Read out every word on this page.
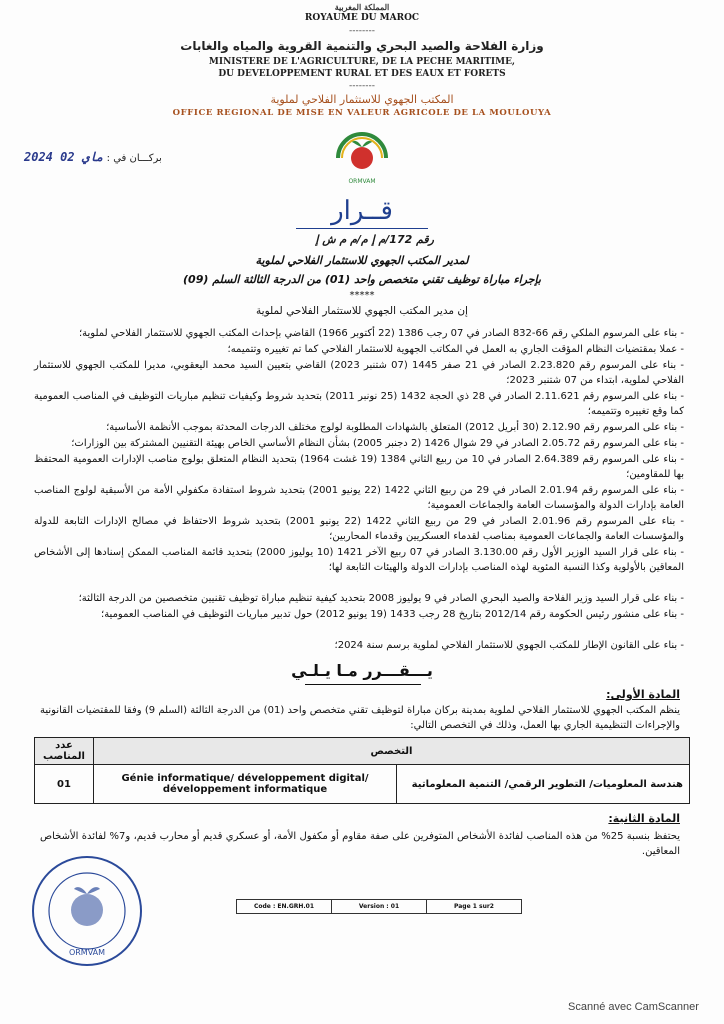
المملكة المغربية
ROYAUME DU MAROC
--------
وزارة الفلاحة والصيد البحري والتنمية القروية والمياه والغابات
MINISTERE DE L'AGRICULTURE, DE LA PECHE MARITIME,
DU DEVELOPPEMENT RURAL ET DES EAUX ET FORETS
--------
المكتب الجهوي للاستثمار الفلاحي لملوية
OFFICE REGIONAL DE MISE EN VALEUR AGRICOLE DE LA MOULOUYA
ORMVAM
2024 ماي 02 بركـــان في :
قــرار
رقم 172/م إ م/م م ش إ
لمدير المكتب الجهوي للاستثمار الفلاحي لملوية
بإجراء مباراة توظيف تقني متخصص واحد (01) من الدرجة الثالثة السلم (09)
*****
إن مدير المكتب الجهوي للاستثمار الفلاحي لملوية
- بناء على المرسوم الملكي رقم 66-832 الصادر في 07 رجب 1386 (22 أكتوبر 1966) القاضي بإحداث المكتب الجهوي للاستثمار الفلاحي لملوية؛
- عملا بمقتضيات النظام المؤقت الجاري به العمل في المكاتب الجهوية للاستثمار الفلاحي كما تم تغييره وتتميمه؛
- بناء على المرسوم رقم 2.23.820 الصادر في 21 صفر 1445 (07 شتنبر 2023) القاضي بتعيين السيد محمد اليعقوبي، مديرا للمكتب الجهوي للاستثمار الفلاحي لملوية، ابتداء من 07 شتنبر 2023؛
- بناء على المرسوم رقم 2.11.621 الصادر في 28 ذي الحجة 1432 (25 نونبر 2011) بتحديد شروط وكيفيات تنظيم مباريات التوظيف في المناصب العمومية كما وقع تغييره وتتميمه؛
- بناء على المرسوم رقم 2.12.90 (30 أبريل 2012) المتعلق بالشهادات المطلوبة لولوج مختلف الدرجات المحدثة بموجب الأنظمة الأساسية؛
- بناء على المرسوم رقم 2.05.72 الصادر في 29 شوال 1426 (2 دجنبر 2005) بشأن النظام الأساسي الخاص بهيئة التقنيين المشتركة بين الوزارات؛
- بناء على المرسوم رقم 2.64.389 الصادر في 10 من ربيع الثاني 1384 (19 غشت 1964) بتحديد النظام المتعلق بولوج مناصب الإدارات العمومية المحتفظ بها للمقاومين؛
- بناء على المرسوم رقم 2.01.94 الصادر في 29 من ربيع الثاني 1422 (22 يونيو 2001) بتحديد شروط استفادة مكفولي الأمة من الأسبقية لولوج المناصب العامة بإدارات الدولة والمؤسسات العامة والجماعات العمومية؛
- بناء على المرسوم رقم 2.01.96 الصادر في 29 من ربيع الثاني 1422 (22 يونيو 2001) بتحديد شروط الاحتفاظ في مصالح الإدارات التابعة للدولة والمؤسسات العامة والجماعات العمومية بمناصب لقدماء العسكريين وقدماء المحاربين؛
- بناء على قرار السيد الوزير الأول رقم 3.130.00 الصادر في 07 ربيع الآخر 1421 (10 يوليوز 2000) بتحديد قائمة المناصب الممكن إسنادها إلى الأشخاص المعاقين بالأولوية وكذا النسبة المئوية لهذه المناصب بإدارات الدولة والهيئات التابعة لها؛
- بناء على قرار السيد وزير الفلاحة والصيد البحري الصادر في 9 يوليوز 2008 بتحديد كيفية تنظيم مباراة توظيف تقنيين متخصصين من الدرجة الثالثة؛
- بناء على منشور رئيس الحكومة رقم 2012/14 بتاريخ 28 رجب 1433 (19 يونيو 2012) حول تدبير مباريات التوظيف في المناصب العمومية؛
- بناء على القانون الإطار للمكتب الجهوي للاستثمار الفلاحي لملوية برسم سنة 2024؛
يـــقـــرر مـا يـلـي
المادة الأولى:
ينظم المكتب الجهوي للاستثمار الفلاحي لملوية بمدينة بركان مباراة لتوظيف تقني متخصص واحد (01) من الدرجة الثالثة (السلم 9) وفقا للمقتضيات القانونية والإجراءات التنظيمية الجاري بها العمل، وذلك في التخصص التالي:
عدد المناصب	التخصص	
01	Génie informatique/ développement digital/ développement informatique	هندسة المعلوميات/ التطوير الرقمي/ التنمية المعلوماتية
المادة الثانية:
يحتفظ بنسبة 25% من هذه المناصب لفائدة الأشخاص المتوفرين على صفة مقاوم أو مكفول الأمة، أو عسكري قديم أو محارب قديم، و7% لفائدة الأشخاص المعاقين.
ORMVAM
Code : EN.GRH.01	Version : 01	Page 1 sur2
Scanné avec CamScanner
